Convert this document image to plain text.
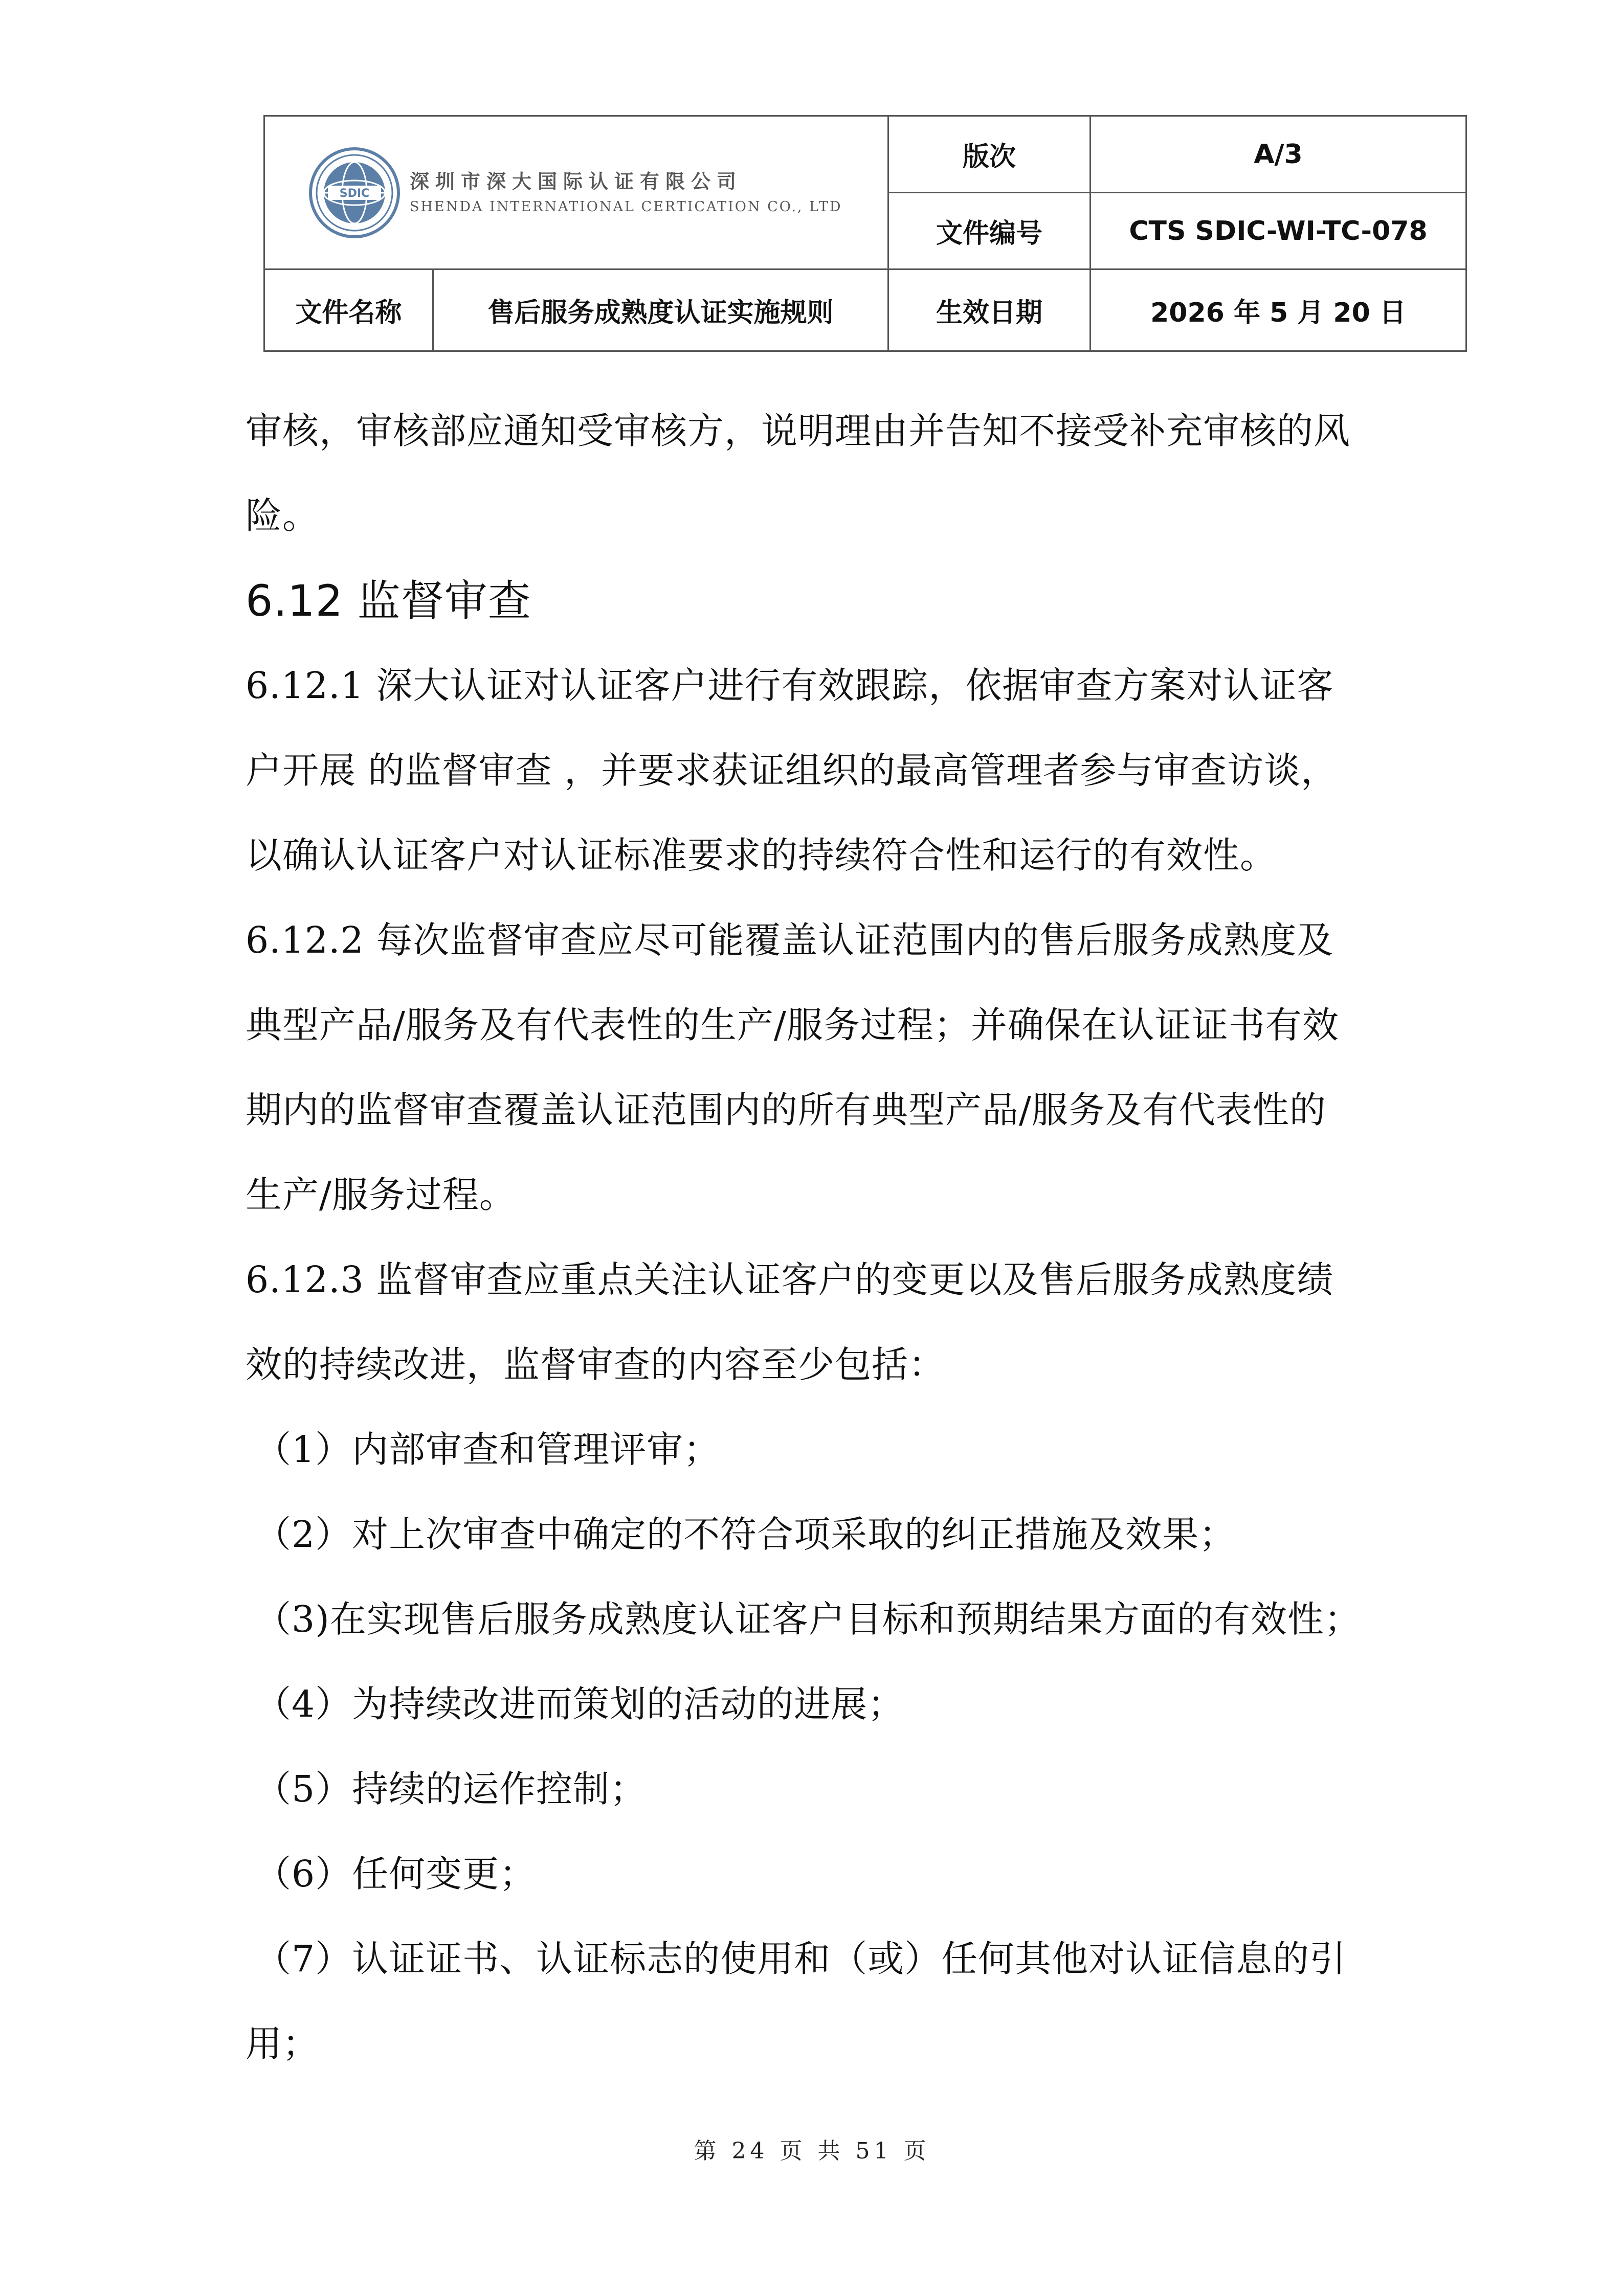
SDIC
深圳市深大国际认证有限公司
SHENDA INTERNATIONAL CERTICATION CO., LTD		版次	A/3
		文件编号	CTS SDIC-WI-TC-078
文件名称	售后服务成熟度认证实施规则	生效日期	2026 年 5 月 20 日
审核，审核部应通知受审核方，说明理由并告知不接受补充审核的风
险。
6.12 监督审查
6.12.1 深大认证对认证客户进行有效跟踪，依据审查方案对认证客
户开展 的监督审查 ，并要求获证组织的最高管理者参与审查访谈，
以确认认证客户对认证标准要求的持续符合性和运行的有效性。
6.12.2 每次监督审查应尽可能覆盖认证范围内的售后服务成熟度及
典型产品/服务及有代表性的生产/服务过程；并确保在认证证书有效
期内的监督审查覆盖认证范围内的所有典型产品/服务及有代表性的
生产/服务过程。
6.12.3 监督审查应重点关注认证客户的变更以及售后服务成熟度绩
效的持续改进，监督审查的内容至少包括：
（1）内部审查和管理评审；
（2）对上次审查中确定的不符合项采取的纠正措施及效果；
（3)在实现售后服务成熟度认证客户目标和预期结果方面的有效性；
（4）为持续改进而策划的活动的进展；
（5）持续的运作控制；
（6）任何变更；
（7）认证证书、认证标志的使用和（或）任何其他对认证信息的引
用；
第 24 页 共 51 页
